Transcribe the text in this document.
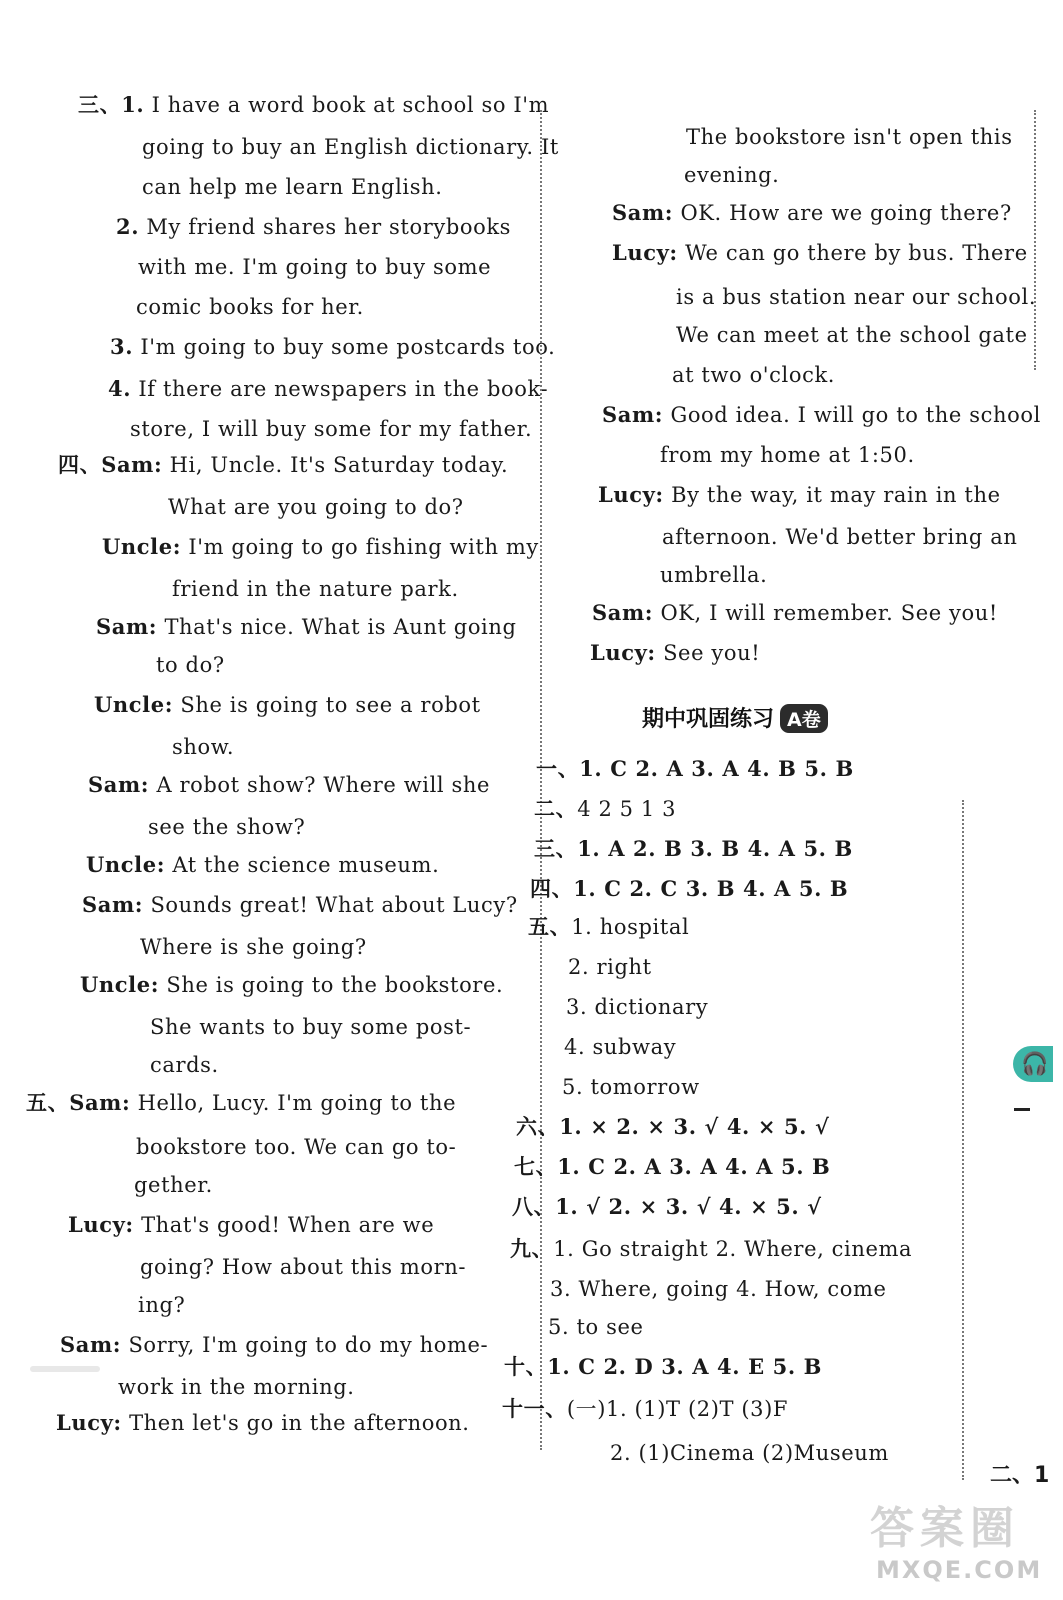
三、1. I have a word book at school so I'm
going to buy an English dictionary. It
can help me learn English.
2. My friend shares her storybooks
with me. I'm going to buy some
comic books for her.
3. I'm going to buy some postcards too.
4. If there are newspapers in the book-
store, I will buy some for my father.
四、Sam: Hi, Uncle. It's Saturday today.
What are you going to do?
Uncle: I'm going to go fishing with my
friend in the nature park.
Sam: That's nice. What is Aunt going
to do?
Uncle: She is going to see a robot
show.
Sam: A robot show? Where will she
see the show?
Uncle: At the science museum.
Sam: Sounds great! What about Lucy?
Where is she going?
Uncle: She is going to the bookstore.
She wants to buy some post-
cards.
五、Sam: Hello, Lucy. I'm going to the
bookstore too. We can go to-
gether.
Lucy: That's good! When are we
going? How about this morn-
ing?
Sam: Sorry, I'm going to do my home-
work in the morning.
Lucy: Then let's go in the afternoon.
The bookstore isn't open this
evening.
Sam: OK. How are we going there?
Lucy: We can go there by bus. There
is a bus station near our school.
We can meet at the school gate
at two o'clock.
Sam: Good idea. I will go to the school
from my home at 1:50.
Lucy: By the way, it may rain in the
afternoon. We'd better bring an
umbrella.
Sam: OK, I will remember. See you!
Lucy: See you!
期中巩固练习 A卷
一、1. C 2. A 3. A 4. B 5. B
二、4 2 5 1 3
三、1. A 2. B 3. B 4. A 5. B
四、1. C 2. C 3. B 4. A 5. B
五、1. hospital
2. right
3. dictionary
4. subway
5. tomorrow
六、1. × 2. × 3. √ 4. × 5. √
七、1. C 2. A 3. A 4. A 5. B
八、1. √ 2. × 3. √ 4. × 5. √
九、1. Go straight 2. Where, cinema
3. Where, going 4. How, come
5. to see
十、1. C 2. D 3. A 4. E 5. B
十一、(一)1. (1)T (2)T (3)F
2. (1)Cinema (2)Museum
🎧
二、1
答案圈
MXQE.COM
